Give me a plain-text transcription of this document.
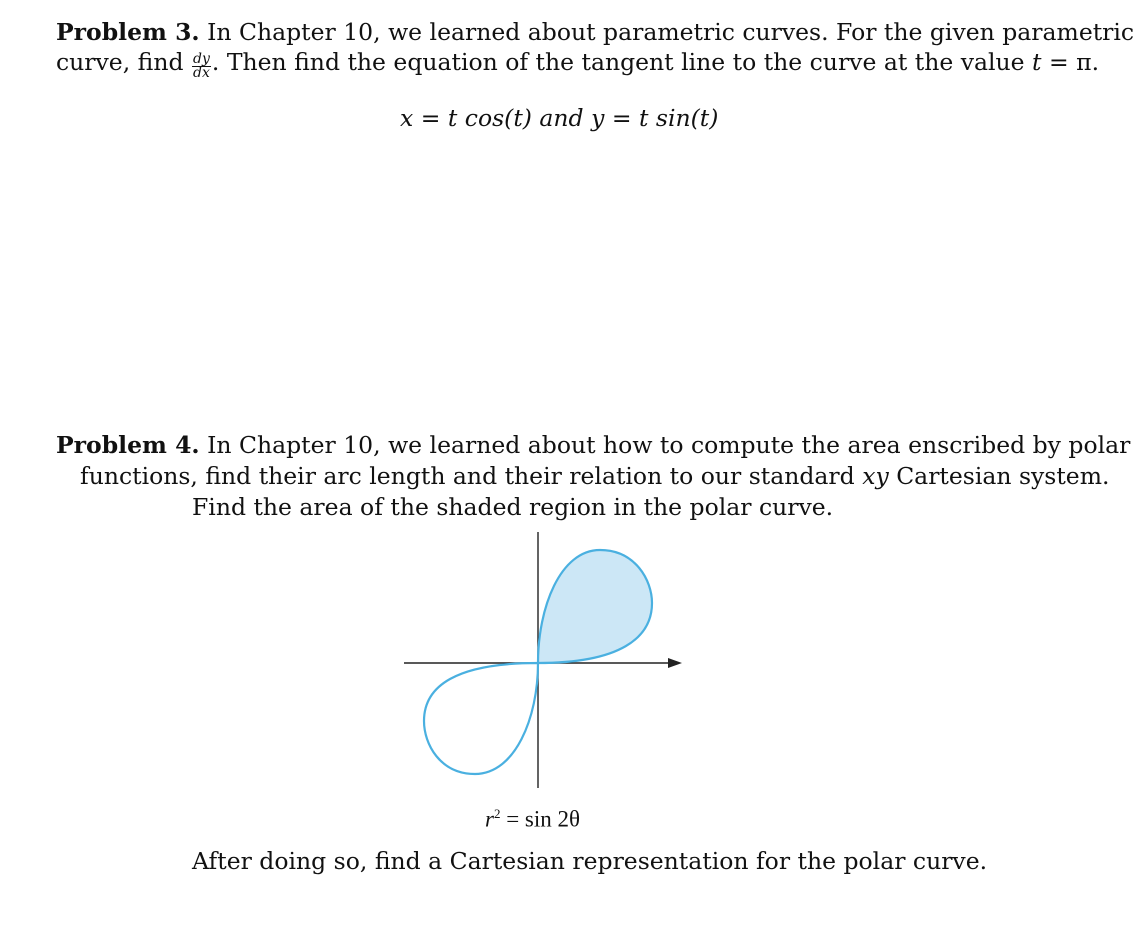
Problem 3. In Chapter 10, we learned about parametric curves. For the given parametric
curve, find $\frac{dy}{dx}$ . Then find the equation of the tangent line to the curve at the value t = π.
x = t cos(t) and y = t sin(t)
Problem 4. In Chapter 10, we learned about how to compute the area enscribed by polar
functions, find their arc length and their relation to our standard xy Cartesian system.
Find the area of the shaded region in the polar curve.
$r^2 = \sin 2\theta$
After doing so, find a Cartesian representation for the polar curve.
